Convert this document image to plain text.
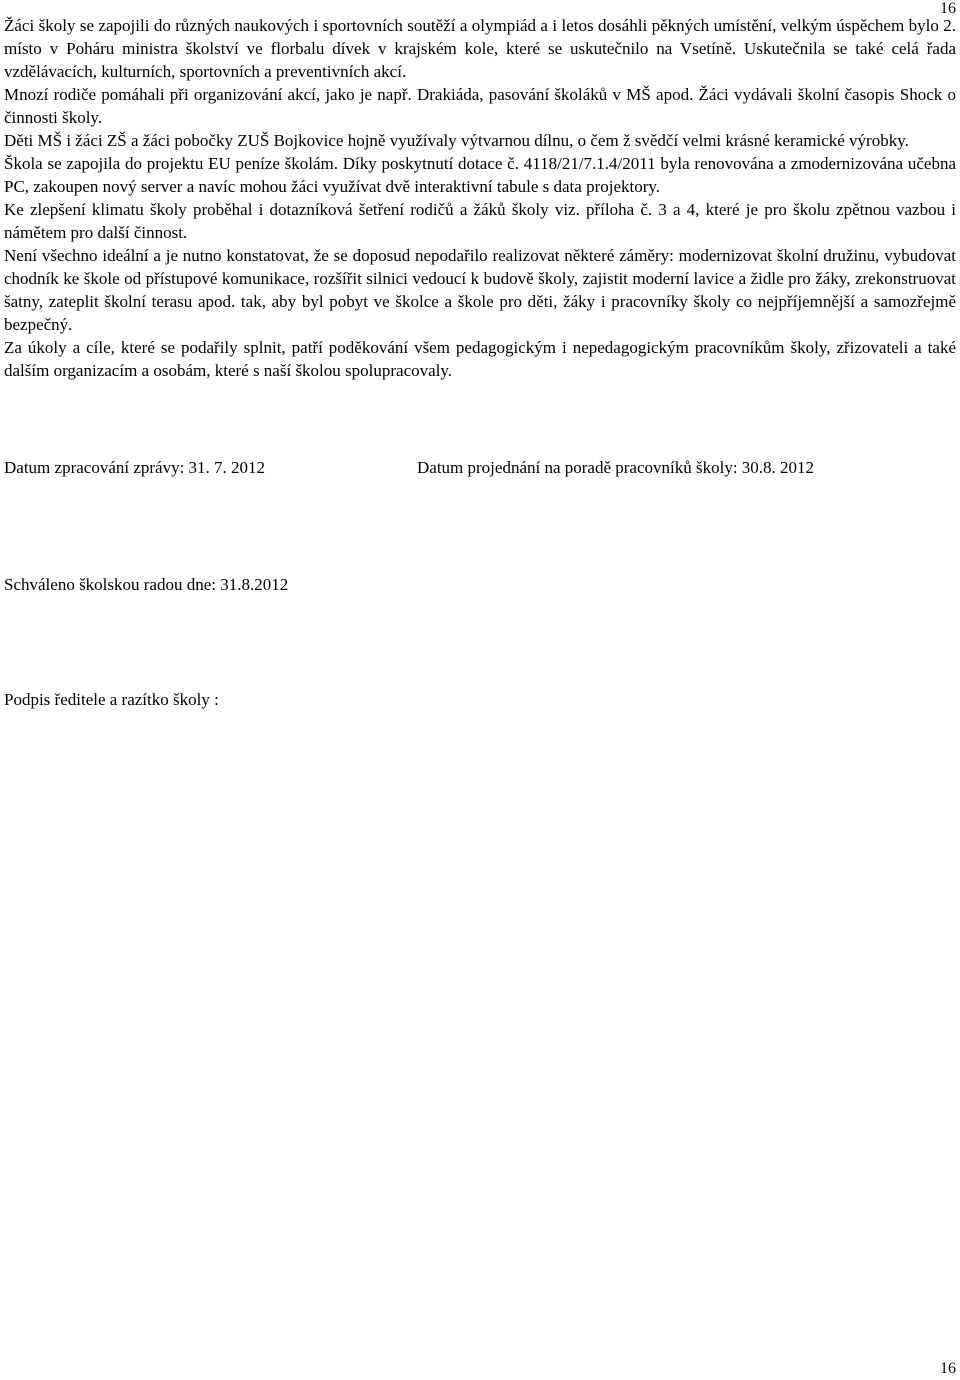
16

Žáci školy se zapojili do různých naukových i sportovních soutěží a olympiád a i letos dosáhli pěkných umístění, velkým úspěchem bylo 2. místo v Poháru ministra školství ve florbalu dívek v krajském kole, které se uskutečnilo na Vsetíně. Uskutečnila se také celá řada vzdělávacích, kulturních, sportovních a preventivních akcí.

Mnozí rodiče pomáhali při organizování akcí, jako je např. Drakiáda, pasování školáků v MŠ apod. Žáci vydávali školní časopis Shock o činnosti školy.

Děti MŠ i žáci ZŠ a žáci pobočky ZUŠ Bojkovice hojně využívaly výtvarnou dílnu, o čem ž svědčí velmi krásné keramické výrobky.

Škola se zapojila do projektu EU peníze školám. Díky poskytnutí dotace č. 4118/21/7.1.4/2011 byla renovována a zmodernizována učebna PC, zakoupen nový server a navíc mohou žáci využívat dvě interaktivní tabule s data projektory.

Ke zlepšení klimatu školy proběhal i dotazníková šetření rodičů a žáků školy viz. příloha č. 3 a 4, které je pro školu zpětnou vazbou i námětem pro další činnost.

Není všechno ideální a je nutno konstatovat, že se doposud nepodařilo realizovat některé záměry: modernizovat školní družinu, vybudovat chodník ke škole od přístupové komunikace, rozšířit silnici vedoucí k budově školy, zajistit moderní lavice a židle pro žáky, zrekonstruovat šatny, zateplit školní terasu apod. tak, aby byl pobyt ve školce a škole pro děti, žáky i pracovníky školy co nejpříjemnější a samozřejmě bezpečný.

Za úkoly a cíle, které se podařily splnit, patří poděkování všem pedagogickým i nepedagogickým pracovníkům školy, zřizovateli a také dalším organizacím a osobám, které s naší školou spolupracovaly.

Datum zpracování zprávy: 31. 7. 2012	Datum projednání na poradě pracovníků školy: 30.8. 2012
Schváleno školskou radou dne: 31.8.2012
Podpis ředitele a razítko školy :
16
